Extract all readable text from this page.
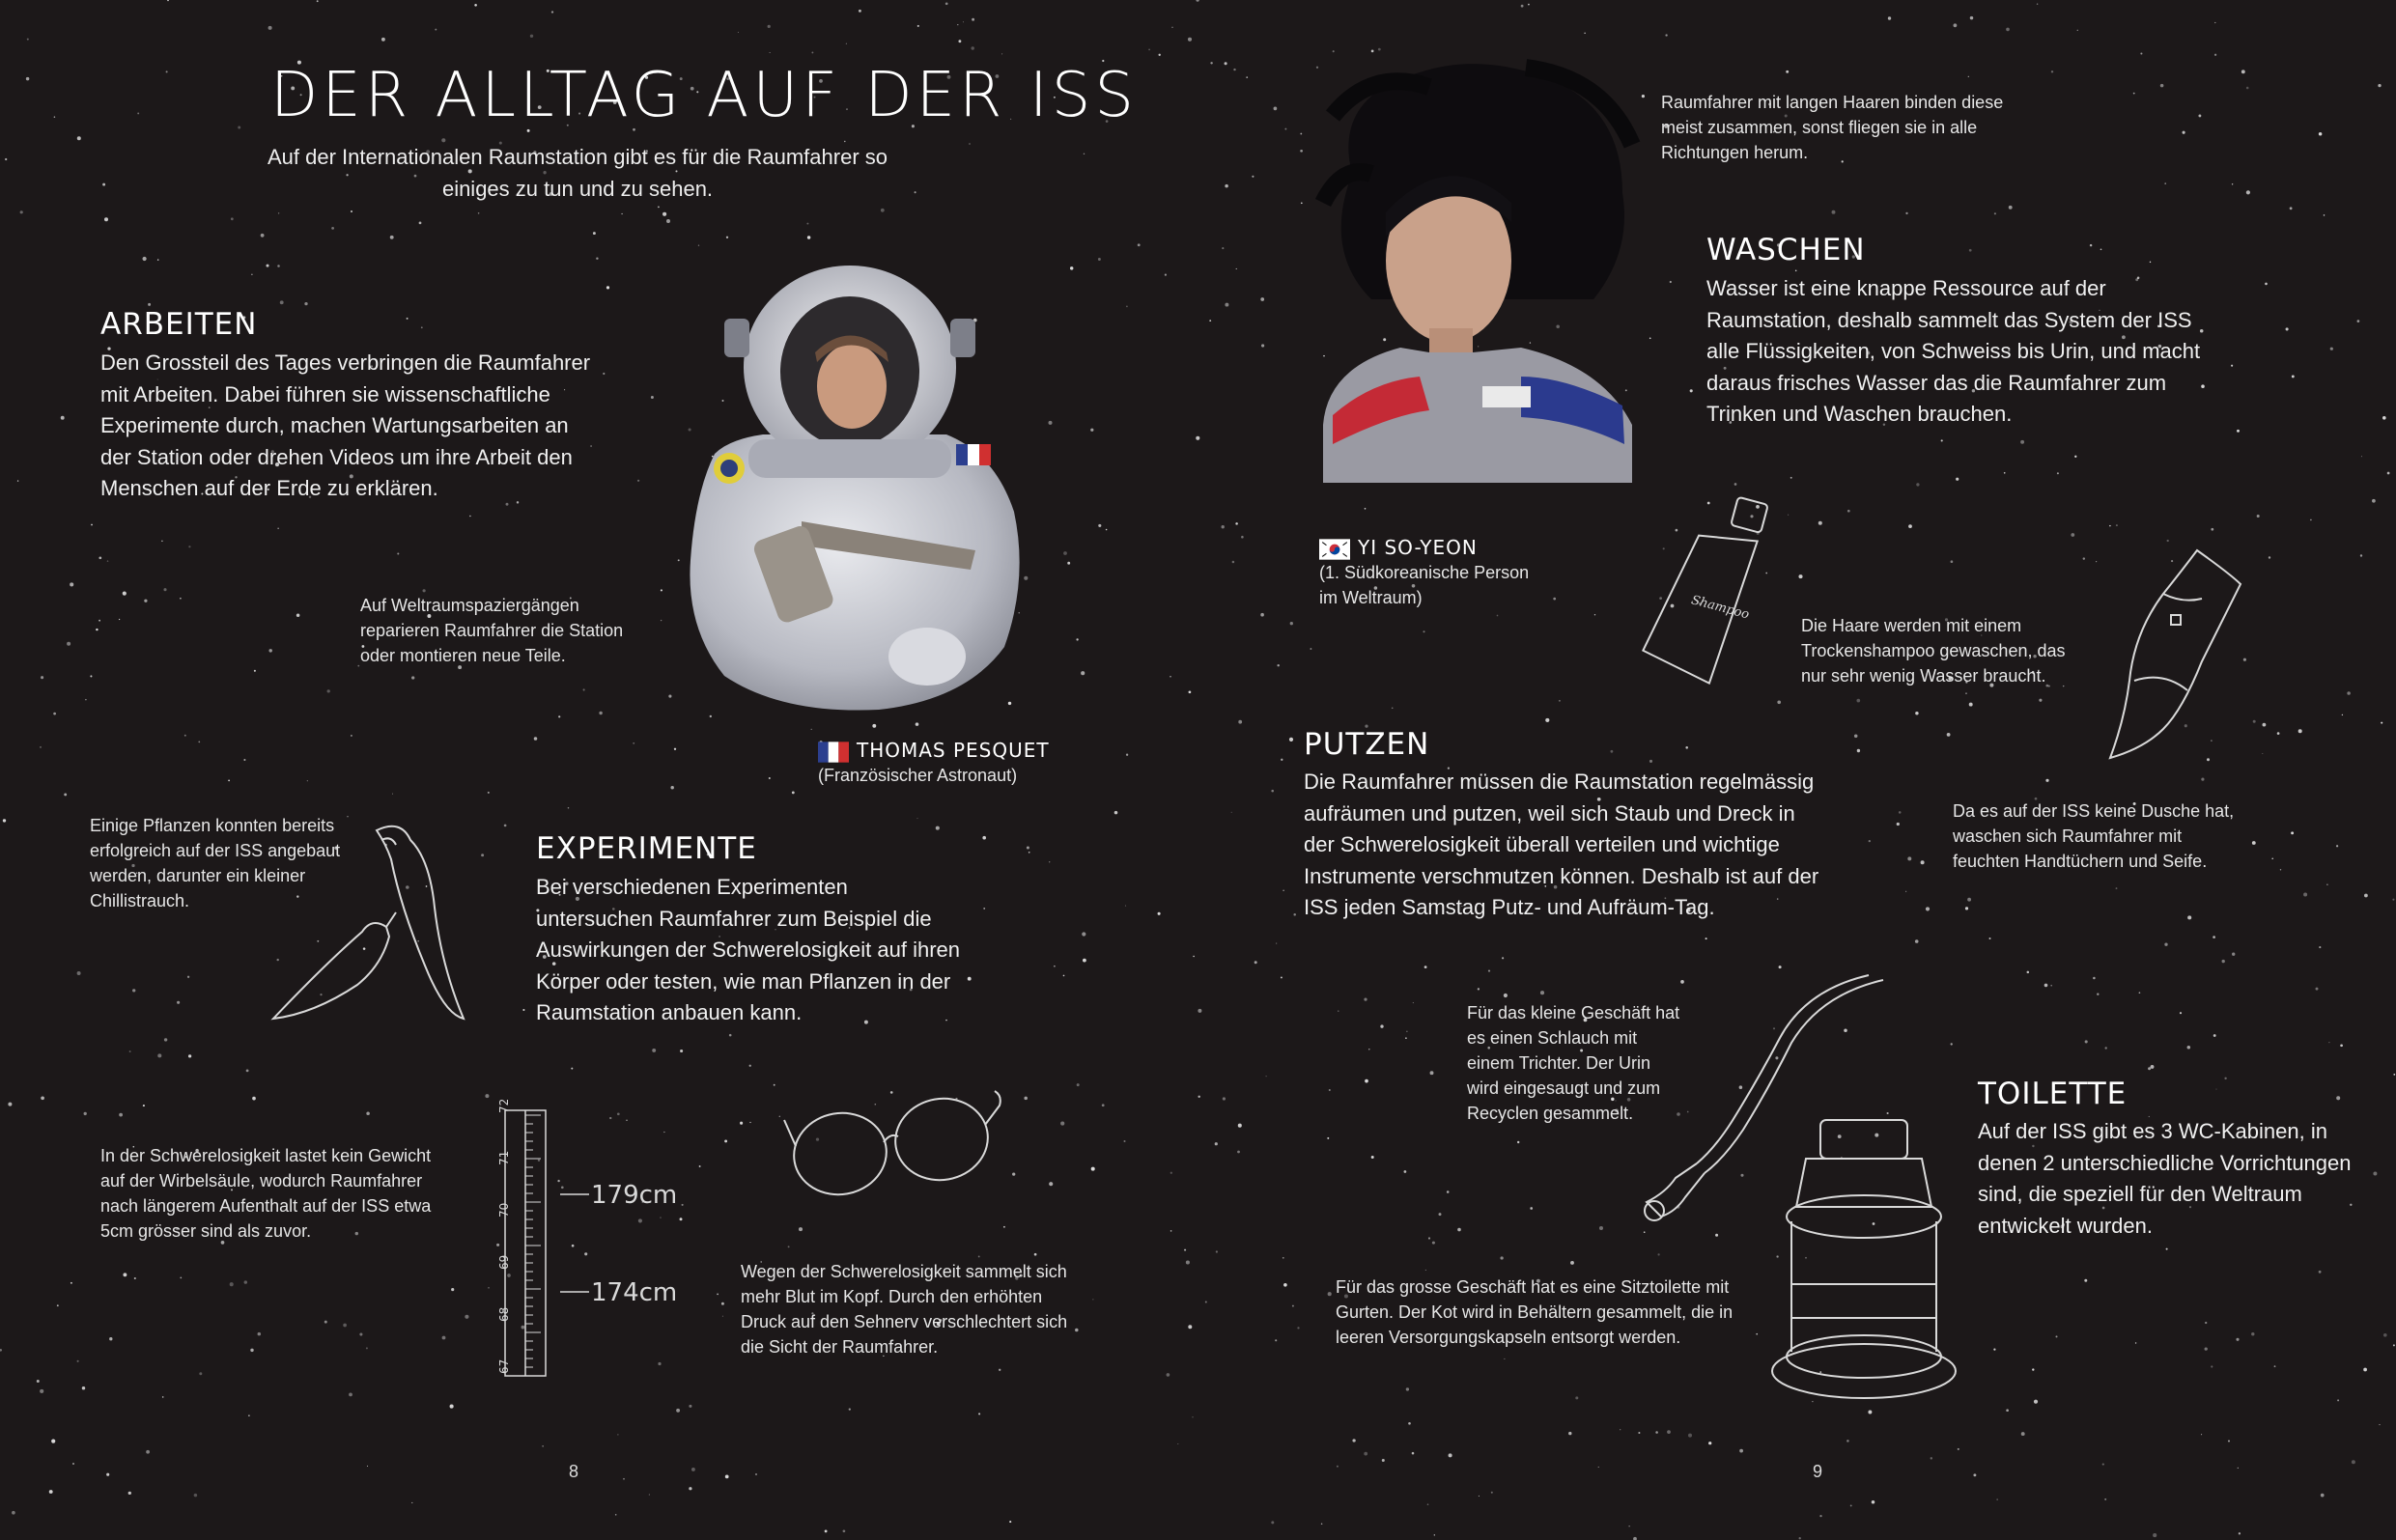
DER ALLTAG AUF DER ISS
Auf der Internationalen Raumstation gibt es für die Raumfahrer so einiges zu tun und zu sehen.
ARBEITEN
Den Grossteil des Tages verbringen die Raumfahrer mit Arbeiten. Dabei führen sie wissenschaftliche Experimente durch, machen Wartungsarbeiten an der Station oder drehen Videos um ihre Arbeit den Menschen auf der Erde zu erklären.
Auf Weltraumspaziergängen reparieren Raumfahrer die Station oder montieren neue Teile.
THOMAS PESQUET
(Französischer Astronaut)
Einige Pflanzen konnten bereits erfolgreich auf der ISS angebaut werden, darunter ein kleiner Chillistrauch.
EXPERIMENTE
Bei verschiedenen Experimenten untersuchen Raumfahrer zum Beispiel die Auswirkungen der Schwerelosigkeit auf ihren Körper oder testen, wie man Pflanzen in der Raumstation anbauen kann.
In der Schwerelosigkeit lastet kein Gewicht auf der Wirbelsäule, wodurch Raumfahrer nach längerem Aufenthalt auf der ISS etwa 5cm grösser sind als zuvor.
67
68
69
70
71
72
179cm
174cm
Wegen der Schwerelosigkeit sammelt sich mehr Blut im Kopf. Durch den erhöhten Druck auf den Sehnerv verschlechtert sich die Sicht der Raumfahrer.
8
Raumfahrer mit langen Haaren binden diese meist zusammen, sonst fliegen sie in alle Richtungen herum.
WASCHEN
Wasser ist eine knappe Ressource auf der Raumstation, deshalb sammelt das System der ISS alle Flüssigkeiten, von Schweiss bis Urin, und macht daraus frisches Wasser das die Raumfahrer zum Trinken und Waschen brauchen.
YI SO-YEON
(1. Südkoreanische Person im Weltraum)	Shampoo
Die Haare werden mit einem Trockenshampoo gewaschen, das nur sehr wenig Wasser braucht.
Da es auf der ISS keine Dusche hat, waschen sich Raumfahrer mit feuchten Handtüchern und Seife.
PUTZEN
Die Raumfahrer müssen die Raumstation regelmässig aufräumen und putzen, weil sich Staub und Dreck in der Schwerelosigkeit überall verteilen und wichtige Instrumente verschmutzen können. Deshalb ist auf der ISS jeden Samstag Putz- und Aufräum-Tag.
Für das kleine Geschäft hat es einen Schlauch mit einem Trichter. Der Urin wird eingesaugt und zum Recyclen gesammelt.
TOILETTE
Auf der ISS gibt es 3 WC-Kabinen, in denen 2 unterschiedliche Vorrichtungen sind, die speziell für den Weltraum entwickelt wurden.
Für das grosse Geschäft hat es eine Sitztoilette mit Gurten. Der Kot wird in Behältern gesammelt, die in leeren Versorgungskapseln entsorgt werden.
9
